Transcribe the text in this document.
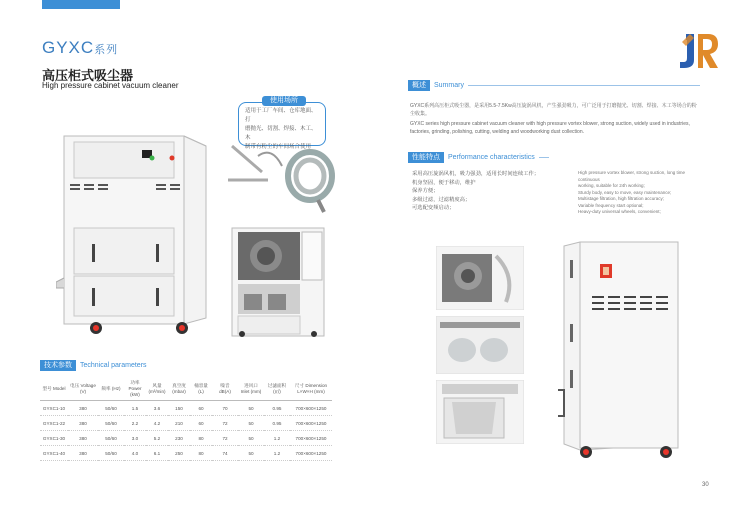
GYXC系列
高压柜式吸尘器
High pressure cabinet vacuum cleaner
适用于工厂车间、仓库地面、打
磨抛光、切割、焊接、木工、木
制带有粉尘的车间场合使用
使用场所
概述	Summary
GYXC系列高压柜式吸尘器，是采用5.5-7.5Kw高压旋涡风机，产生强劲吸力，可广泛用于打磨抛光、切割、焊接、木工等场合的粉尘收集。
GYXC series high pressure cabinet vacuum cleaner with high pressure vortex blower, strong suction, widely used in industries, factories, grinding, polishing, cutting, welding and woodworking dust collection.
性能特点	Performance characteristics
采用高压旋涡风机，吸力强劲，适用长时间连续工作；
机身坚固，便于移动，维护
保养方便；
多级过滤，过滤精度高；
可选配变频启动；
High pressure vortex blower, strong suction, long time continuous
working, suitable for 24h working;
Sturdy body, easy to move, easy maintenance;
Multistage filtration, high filtration accuracy;
Variable frequency start optional;
Heavy-duty universal wheels, convenient;
技术参数	Technical parameters
型号 Model	电压 Voltage (V)	频率 (Hz)	功率 Power (kW)	风量 (m³/min)	真空度 (mbar)	桶容量 (L)	噪音 dB(A)	进风口 Inlet (mm)	过滤面积 (㎡)	尺寸 Dimension L×W×H (mm)
GYXC1-10	380	50/60	1.5	3.6	150	60	70	50	0.95	700×600×1250
GYXC1-22	380	50/60	2.2	4.2	210	60	72	50	0.95	700×600×1250
GYXC1-30	380	50/60	3.0	5.2	230	80	72	50	1.2	700×600×1250
GYXC1-40	380	50/60	4.0	6.1	250	80	74	50	1.2	700×600×1250
30
